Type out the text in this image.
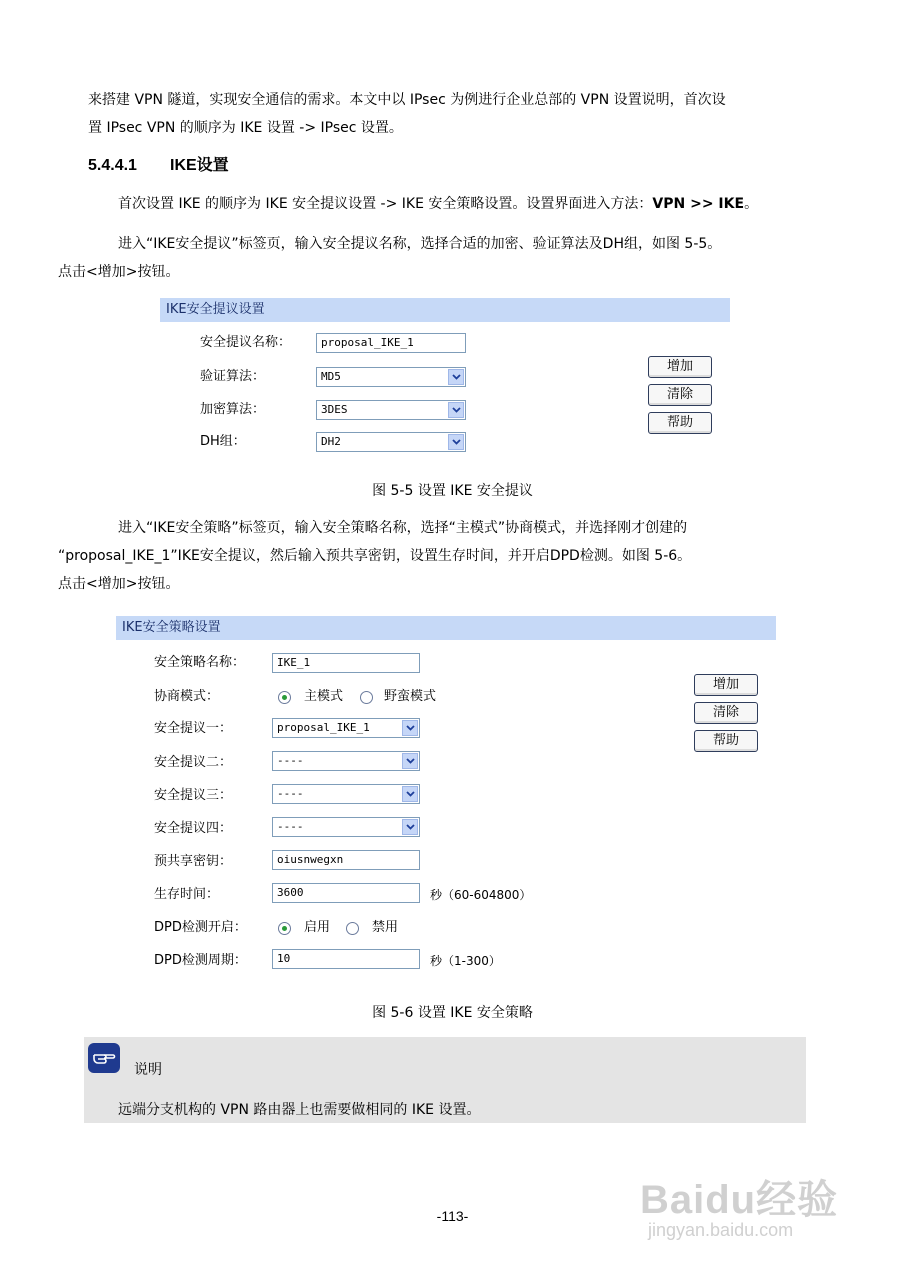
来搭建 VPN 隧道，实现安全通信的需求。本文中以 IPsec 为例进行企业总部的 VPN 设置说明，首次设
置 IPsec VPN 的顺序为 IKE 设置 -> IPsec 设置。

5.4.4.1 IKE设置

首次设置 IKE 的顺序为 IKE 安全提议设置 -> IKE 安全策略设置。设置界面进入方法：VPN >> IKE。

进入“IKE安全提议”标签页，输入安全提议名称，选择合适的加密、验证算法及DH组，如图 5-5。
点击<增加>按钮。

IKE安全提议设置
安全提议名称：	proposal_IKE_1
验证算法：	MD5
加密算法：	3DES
DH组：	DH2
增加
清除
帮助
图 5-5 设置 IKE 安全提议

进入“IKE安全策略”标签页，输入安全策略名称，选择“主模式”协商模式，并选择刚才创建的
“proposal_IKE_1”IKE安全提议，然后输入预共享密钥，设置生存时间，并开启DPD检测。如图 5-6。
点击<增加>按钮。

IKE安全策略设置
安全策略名称：	IKE_1
协商模式：	主模式	野蛮模式
安全提议一：	proposal_IKE_1
安全提议二：	----
安全提议三：	----
安全提议四：	----
预共享密钥：	oiusnwegxn
生存时间：	3600	秒（60-604800）
DPD检测开启：	启用	禁用
DPD检测周期：	10	秒（1-300）
增加
清除
帮助
图 5-6 设置 IKE 安全策略
说明
远端分支机构的 VPN 路由器上也需要做相同的 IKE 设置。
Baidu经验
jingyan.baidu.com
-113-
